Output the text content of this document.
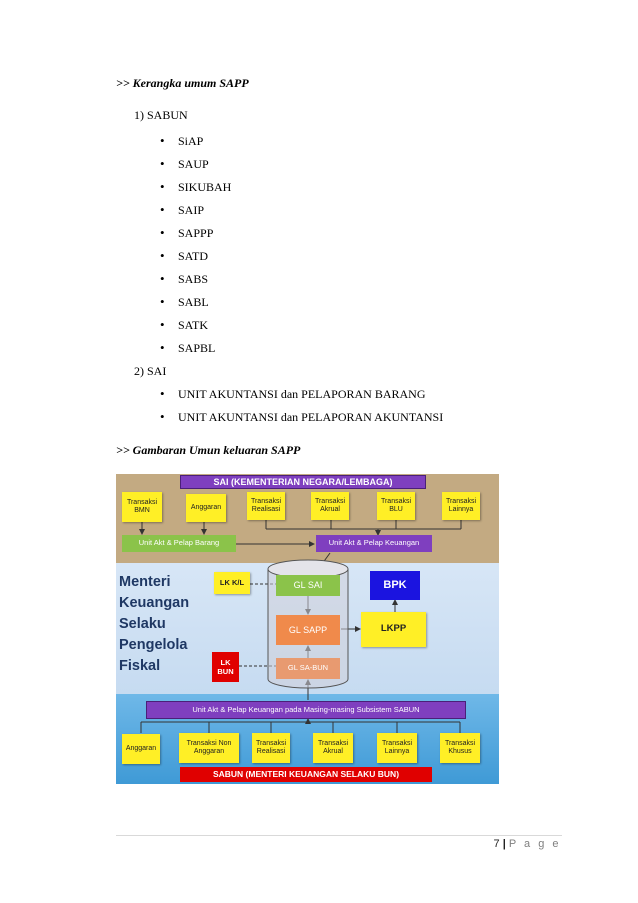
>> Kerangka umum SAPP
1) SABUN
• SiAP
• SAUP
• SIKUBAH
• SAIP
• SAPPP
• SATD
• SABS
• SABL
• SATK
• SAPBL
2) SAI
• UNIT AKUNTANSI dan PELAPORAN BARANG
• UNIT AKUNTANSI dan PELAPORAN AKUNTANSI
>> Gambaran Umun keluaran SAPP
SAI (KEMENTERIAN NEGARA/LEMBAGA)
Transaksi BMN	Anggaran
Transaksi Realisasi
Transaksi Akrual
Transaksi BLU
Transaksi Lainnya
Unit Akt & Pelap Barang	Unit Akt & Pelap Keuangan
Menteri
Keuangan
Selaku
Pengelola
Fiskal
LK K/L
LK BUN
GL SAI
GL SAPP
GL SA-BUN
BPK
LKPP
Unit Akt & Pelap Keuangan pada Masing-masing Subsistem SABUN
Anggaran
Transaksi Non Anggaran
Transaksi Realisasi
Transaksi Akrual
Transaksi Lainnya
Transaksi Khusus
SABUN (MENTERI KEUANGAN SELAKU BUN)
7 | P a g e
